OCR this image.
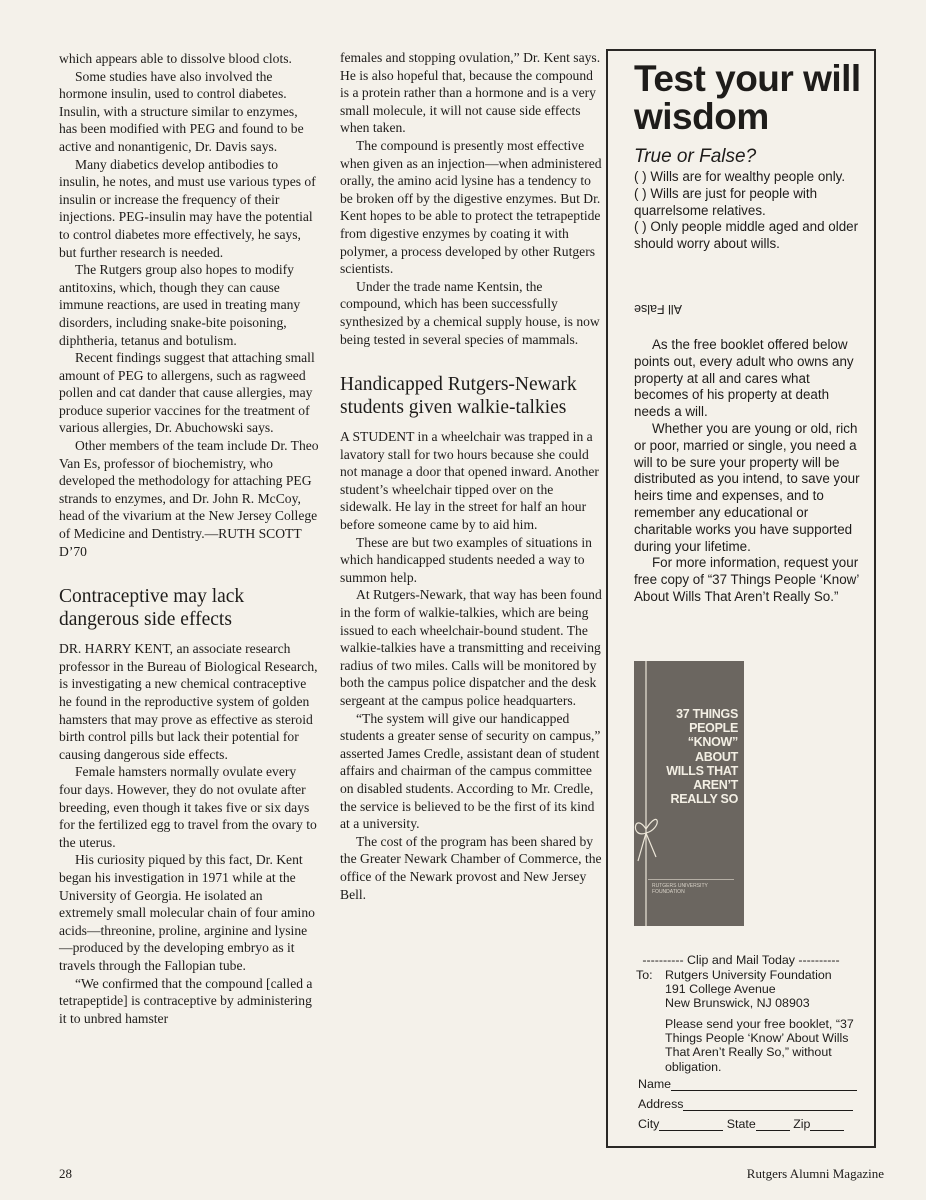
which appears able to dissolve blood clots.

Some studies have also involved the hormone insulin, used to control diabetes. Insulin, with a structure similar to enzymes, has been modified with PEG and found to be active and nonantigenic, Dr. Davis says.

Many diabetics develop antibodies to insulin, he notes, and must use various types of insulin or increase the frequency of their injections. PEG-insulin may have the potential to control diabetes more effectively, he says, but further research is needed.

The Rutgers group also hopes to modify antitoxins, which, though they can cause immune reactions, are used in treating many disorders, including snake-bite poisoning, diphtheria, tetanus and botulism.

Recent findings suggest that attaching small amount of PEG to allergens, such as ragweed pollen and cat dander that cause allergies, may produce superior vaccines for the treatment of various allergies, Dr. Abuchowski says.

Other members of the team include Dr. Theo Van Es, professor of biochemistry, who developed the methodology for attaching PEG strands to enzymes, and Dr. John R. McCoy, head of the vivarium at the New Jersey College of Medicine and Dentistry.—RUTH SCOTT D’70

Contraceptive may lack dangerous side effects

DR. HARRY KENT, an associate research professor in the Bureau of Biological Research, is investigating a new chemical contraceptive he found in the reproductive system of golden hamsters that may prove as effective as steroid birth control pills but lack their potential for causing dangerous side effects.

Female hamsters normally ovulate every four days. However, they do not ovulate after breeding, even though it takes five or six days for the fertilized egg to travel from the ovary to the uterus.

His curiosity piqued by this fact, Dr. Kent began his investigation in 1971 while at the University of Georgia. He isolated an extremely small molecular chain of four amino acids—threonine, proline, arginine and lysine—produced by the developing embryo as it travels through the Fallopian tube.

“We confirmed that the compound [called a tetrapeptide] is contraceptive by administering it to unbred hamster

females and stopping ovulation,” Dr. Kent says. He is also hopeful that, because the compound is a protein rather than a hormone and is a very small molecule, it will not cause side effects when taken.

The compound is presently most effective when given as an injection—when administered orally, the amino acid lysine has a tendency to be broken off by the digestive enzymes. But Dr. Kent hopes to be able to protect the tetrapeptide from digestive enzymes by coating it with polymer, a process developed by other Rutgers scientists.

Under the trade name Kentsin, the compound, which has been successfully synthesized by a chemical supply house, is now being tested in several species of mammals.

Handicapped Rutgers-Newark students given walkie-talkies

A STUDENT in a wheelchair was trapped in a lavatory stall for two hours because she could not manage a door that opened inward. Another student’s wheelchair tipped over on the sidewalk. He lay in the street for half an hour before someone came by to aid him.

These are but two examples of situations in which handicapped students needed a way to summon help.

At Rutgers-Newark, that way has been found in the form of walkie-talkies, which are being issued to each wheelchair-bound student. The walkie-talkies have a transmitting and receiving radius of two miles. Calls will be monitored by both the campus police dispatcher and the desk sergeant at the campus police headquarters.

“The system will give our handicapped students a greater sense of security on campus,” asserted James Credle, assistant dean of student affairs and chairman of the campus committee on disabled students. According to Mr. Credle, the service is believed to be the first of its kind at a university.

The cost of the program has been shared by the Greater Newark Chamber of Commerce, the office of the Newark provost and New Jersey Bell.

Test your will wisdom
True or False?
( ) Wills are for wealthy people only.
( ) Wills are just for people with quarrelsome relatives.
( ) Only people middle aged and older should worry about wills.
All False

As the free booklet offered below points out, every adult who owns any property at all and cares what becomes of his property at death needs a will.

Whether you are young or old, rich or poor, married or single, you need a will to be sure your property will be distributed as you intend, to save your heirs time and expenses, and to remember any educational or charitable works you have supported during your lifetime.

For more information, request your free copy of “37 Things People ‘Know’ About Wills That Aren’t Really So.”

37 THINGS
PEOPLE
“KNOW”
ABOUT
WILLS THAT
AREN’T
REALLY SO
RUTGERS UNIVERSITY FOUNDATION
---------- Clip and Mail Today ----------
To: Rutgers University Foundation
191 College Avenue
New Brunswick, NJ 08903
Please send your free booklet, “37 Things People ‘Know’ About Wills That Aren’t Really So,” without obligation.
Name
Address
City	State	Zip
28	Rutgers Alumni Magazine
